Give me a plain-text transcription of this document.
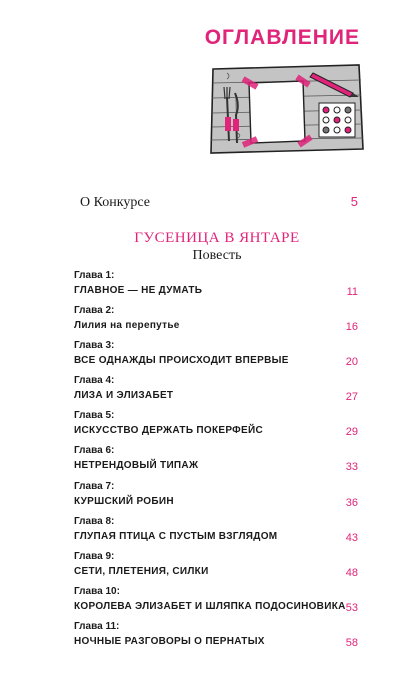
ОГЛАВЛЕНИЕ
О Конкурсе	5
ГУСЕНИЦА В ЯНТАРЕ
Повесть
Глава 1:
ГЛАВНОЕ — НЕ ДУМАТЬ	11
Глава 2:
Лилия на перепутье	16
Глава 3:
ВСЕ ОДНАЖДЫ ПРОИСХОДИТ ВПЕРВЫЕ	20
Глава 4:
ЛИЗА И ЭЛИЗАБЕТ	27
Глава 5:
ИСКУССТВО ДЕРЖАТЬ ПОКЕРФЕЙС	29
Глава 6:
НЕТРЕНДОВЫЙ ТИПАЖ	33
Глава 7:
КУРШСКИЙ РОБИН	36
Глава 8:
ГЛУПАЯ ПТИЦА С ПУСТЫМ ВЗГЛЯДОМ	43
Глава 9:
СЕТИ, ПЛЕТЕНИЯ, СИЛКИ	48
Глава 10:
КОРОЛЕВА ЭЛИЗАБЕТ И ШЛЯПКА ПОДОСИНОВИКА 53
Глава 11:
НОЧНЫЕ РАЗГОВОРЫ О ПЕРНАТЫХ	58
